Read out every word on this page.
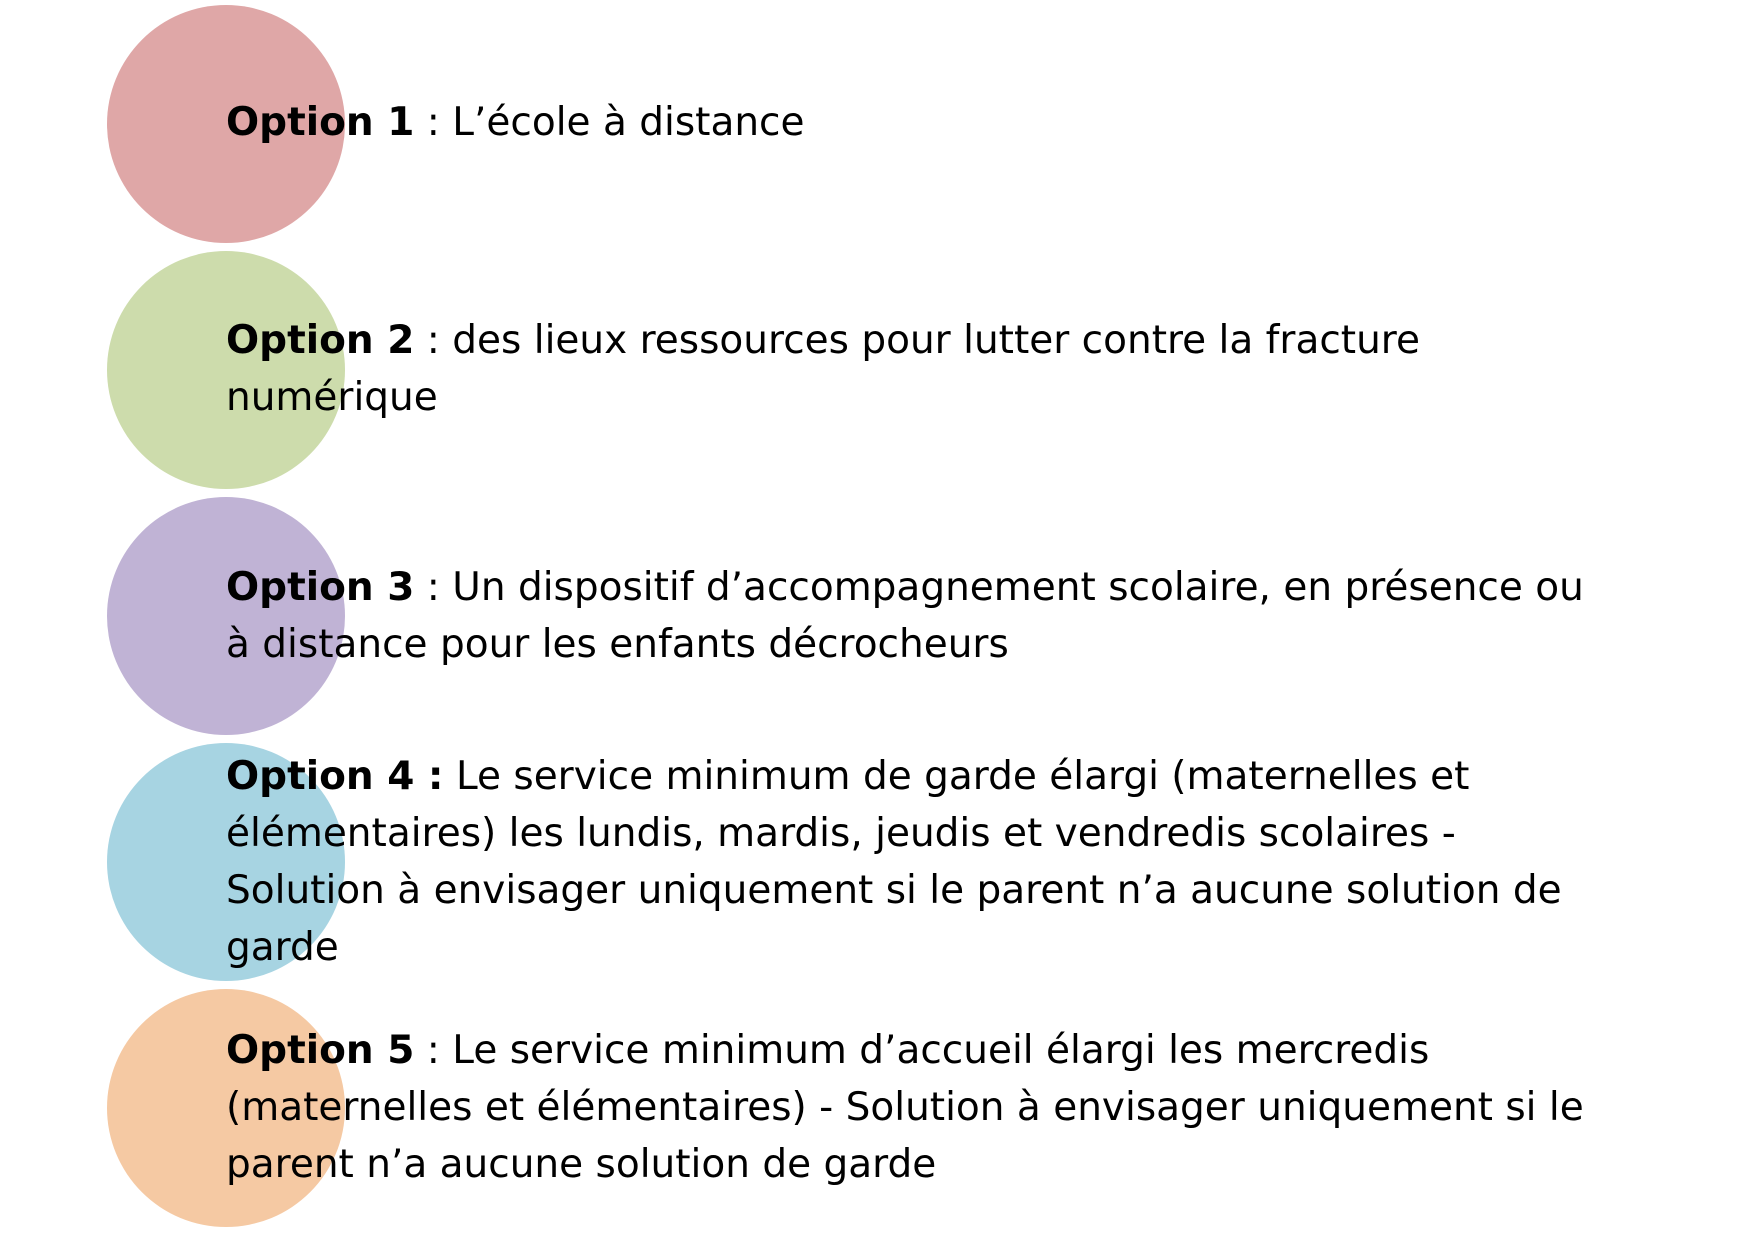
Option 1 : L’école à distance
Option 2 : des lieux ressources pour lutter contre la fracture numérique
Option 3 : Un dispositif d’accompagnement scolaire, en présence ou à distance pour les enfants décrocheurs
Option 4 : Le service minimum de garde élargi (maternelles et élémentaires) les lundis, mardis, jeudis et vendredis scolaires - Solution à envisager uniquement si le parent n’a aucune solution de garde
Option 5 : Le service minimum d’accueil élargi les mercredis (maternelles et élémentaires) - Solution à envisager uniquement si le parent n’a aucune solution de garde
